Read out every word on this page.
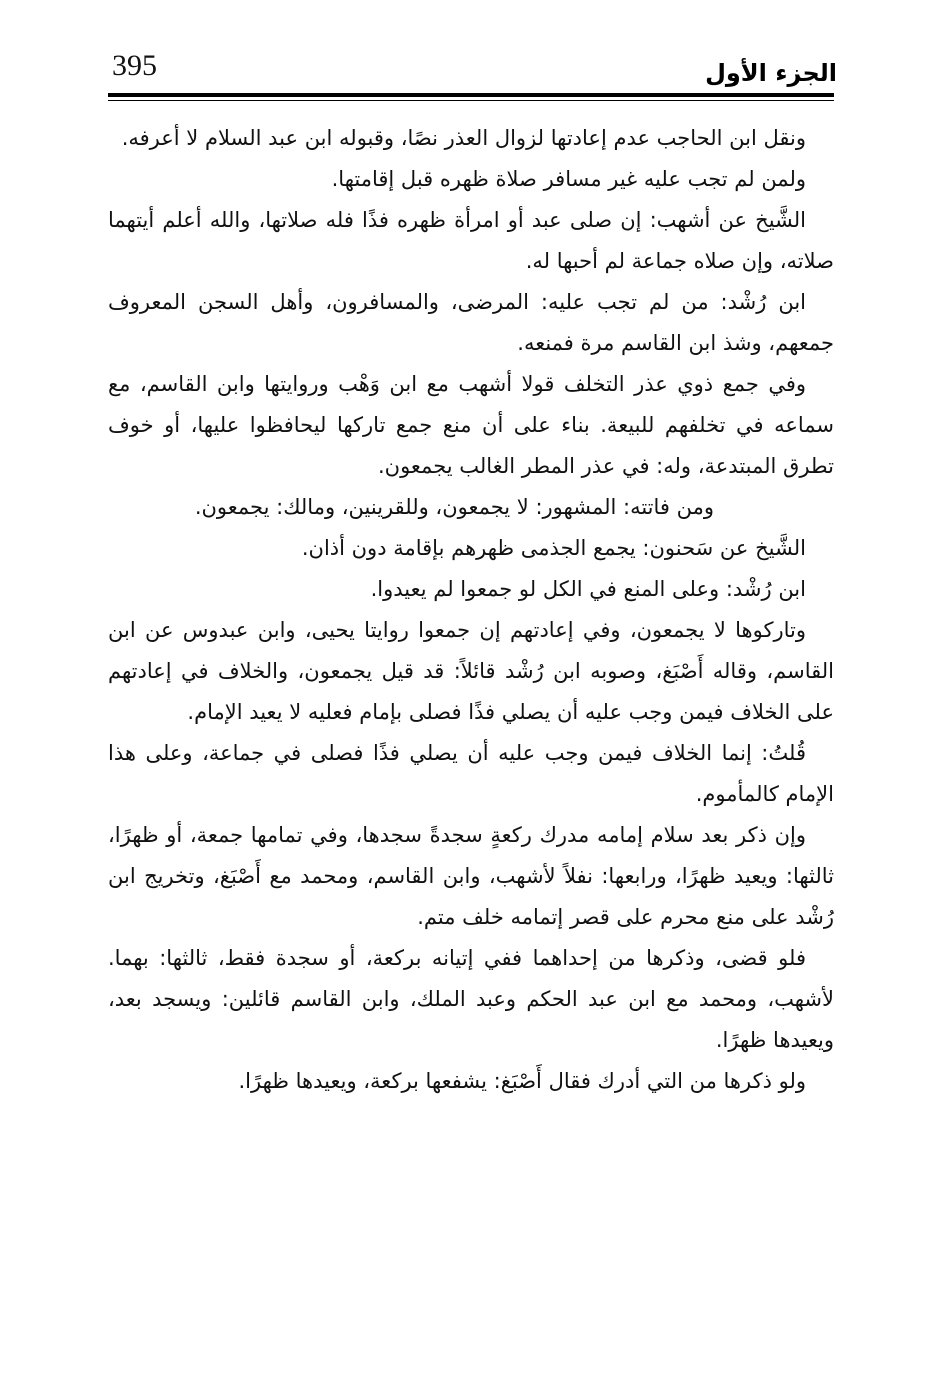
395	الجزء الأول

ونقل ابن الحاجب عدم إعادتها لزوال العذر نصًا، وقبوله ابن عبد السلام لا أعرفه.

ولمن لم تجب عليه غير مسافر صلاة ظهره قبل إقامتها.

الشَّيخ عن أشهب: إن صلى عبد أو امرأة ظهره فذًا فله صلاتها، والله أعلم أيتهما صلاته، وإن صلاه جماعة لم أحبها له.

ابن رُشْد: من لم تجب عليه: المرضى، والمسافرون، وأهل السجن المعروف جمعهم، وشذ ابن القاسم مرة فمنعه.

وفي جمع ذوي عذر التخلف قولا أشهب مع ابن وَهْب وروايتها وابن القاسم، مع سماعه في تخلفهم للبيعة. بناء على أن منع جمع تاركها ليحافظوا عليها، أو خوف تطرق المبتدعة، وله: في عذر المطر الغالب يجمعون.

ومن فاتته: المشهور: لا يجمعون، وللقرينين، ومالك: يجمعون.

الشَّيخ عن سَحنون: يجمع الجذمى ظهرهم بإقامة دون أذان.

ابن رُشْد: وعلى المنع في الكل لو جمعوا لم يعيدوا.

وتاركوها لا يجمعون، وفي إعادتهم إن جمعوا روايتا يحيى، وابن عبدوس عن ابن القاسم، وقاله أَصْبَغ، وصوبه ابن رُشْد قائلاً: قد قيل يجمعون، والخلاف في إعادتهم على الخلاف فيمن وجب عليه أن يصلي فذًا فصلى بإمام فعليه لا يعيد الإمام.

قُلتُ: إنما الخلاف فيمن وجب عليه أن يصلي فذًا فصلى في جماعة، وعلى هذا الإمام كالمأموم.

وإن ذكر بعد سلام إمامه مدرك ركعةٍ سجدةً سجدها، وفي تمامها جمعة، أو ظهرًا، ثالثها: ويعيد ظهرًا، ورابعها: نفلاً لأشهب، وابن القاسم، ومحمد مع أَصْبَغ، وتخريج ابن رُشْد على منع محرم على قصر إتمامه خلف متم.

فلو قضى، وذكرها من إحداهما ففي إتيانه بركعة، أو سجدة فقط، ثالثها: بهما. لأشهب، ومحمد مع ابن عبد الحكم وعبد الملك، وابن القاسم قائلين: ويسجد بعد، ويعيدها ظهرًا.

ولو ذكرها من التي أدرك فقال أَصْبَغ: يشفعها بركعة، ويعيدها ظهرًا.
